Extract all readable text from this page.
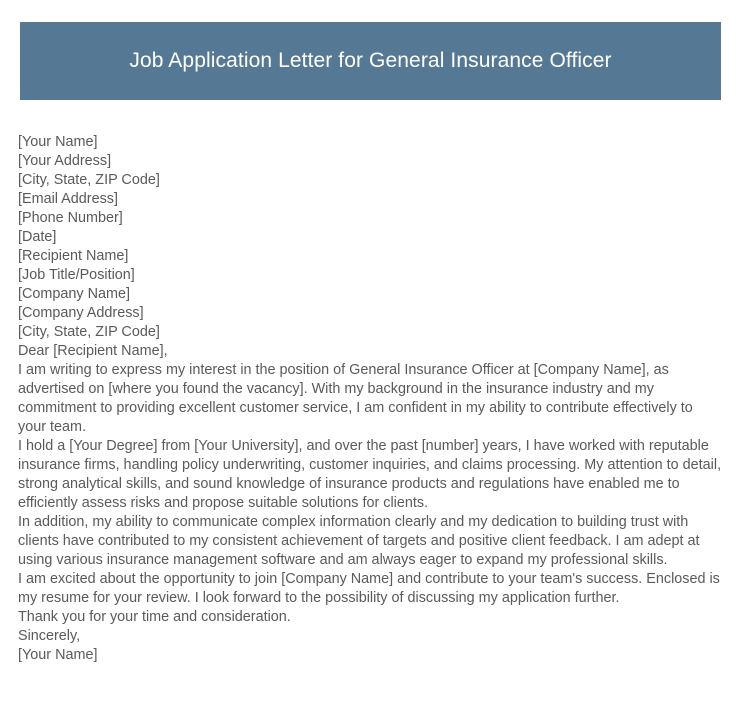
Job Application Letter for General Insurance Officer
[Your Name]
[Your Address]
[City, State, ZIP Code]
[Email Address]
[Phone Number]
[Date]
[Recipient Name]
[Job Title/Position]
[Company Name]
[Company Address]
[City, State, ZIP Code]
Dear [Recipient Name],
I am writing to express my interest in the position of General Insurance Officer at [Company Name], as advertised on [where you found the vacancy]. With my background in the insurance industry and my commitment to providing excellent customer service, I am confident in my ability to contribute effectively to your team.
I hold a [Your Degree] from [Your University], and over the past [number] years, I have worked with reputable insurance firms, handling policy underwriting, customer inquiries, and claims processing. My attention to detail, strong analytical skills, and sound knowledge of insurance products and regulations have enabled me to efficiently assess risks and propose suitable solutions for clients.
In addition, my ability to communicate complex information clearly and my dedication to building trust with clients have contributed to my consistent achievement of targets and positive client feedback. I am adept at using various insurance management software and am always eager to expand my professional skills.
I am excited about the opportunity to join [Company Name] and contribute to your team's success. Enclosed is my resume for your review. I look forward to the possibility of discussing my application further.
Thank you for your time and consideration.
Sincerely,
[Your Name]
